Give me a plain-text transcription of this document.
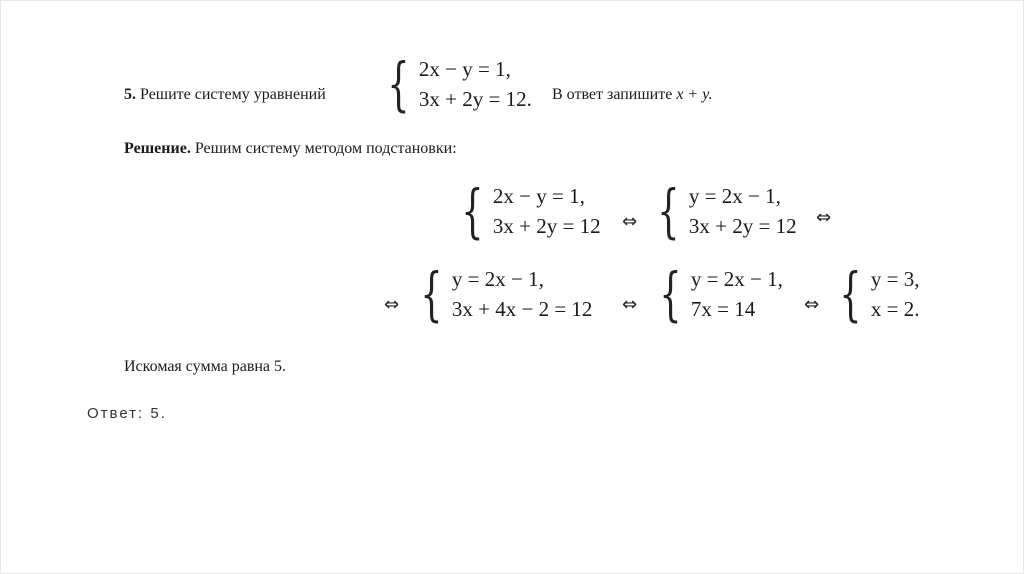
5. Решите систему уравнений { 2x − y = 1,
3x + 2y = 12. В ответ запишите x + y.
Решение. Решим систему методом подстановки:
{ 2x − y = 1,
3x + 2y = 12 ⇔ { y = 2x − 1,
3x + 2y = 12 ⇔
⇔ { y = 2x − 1,
3x + 4x − 2 = 12 ⇔ { y = 2x − 1,
7x = 14	⇔ { y = 3,
x = 2.
Искомая сумма равна 5.
Ответ: 5.
